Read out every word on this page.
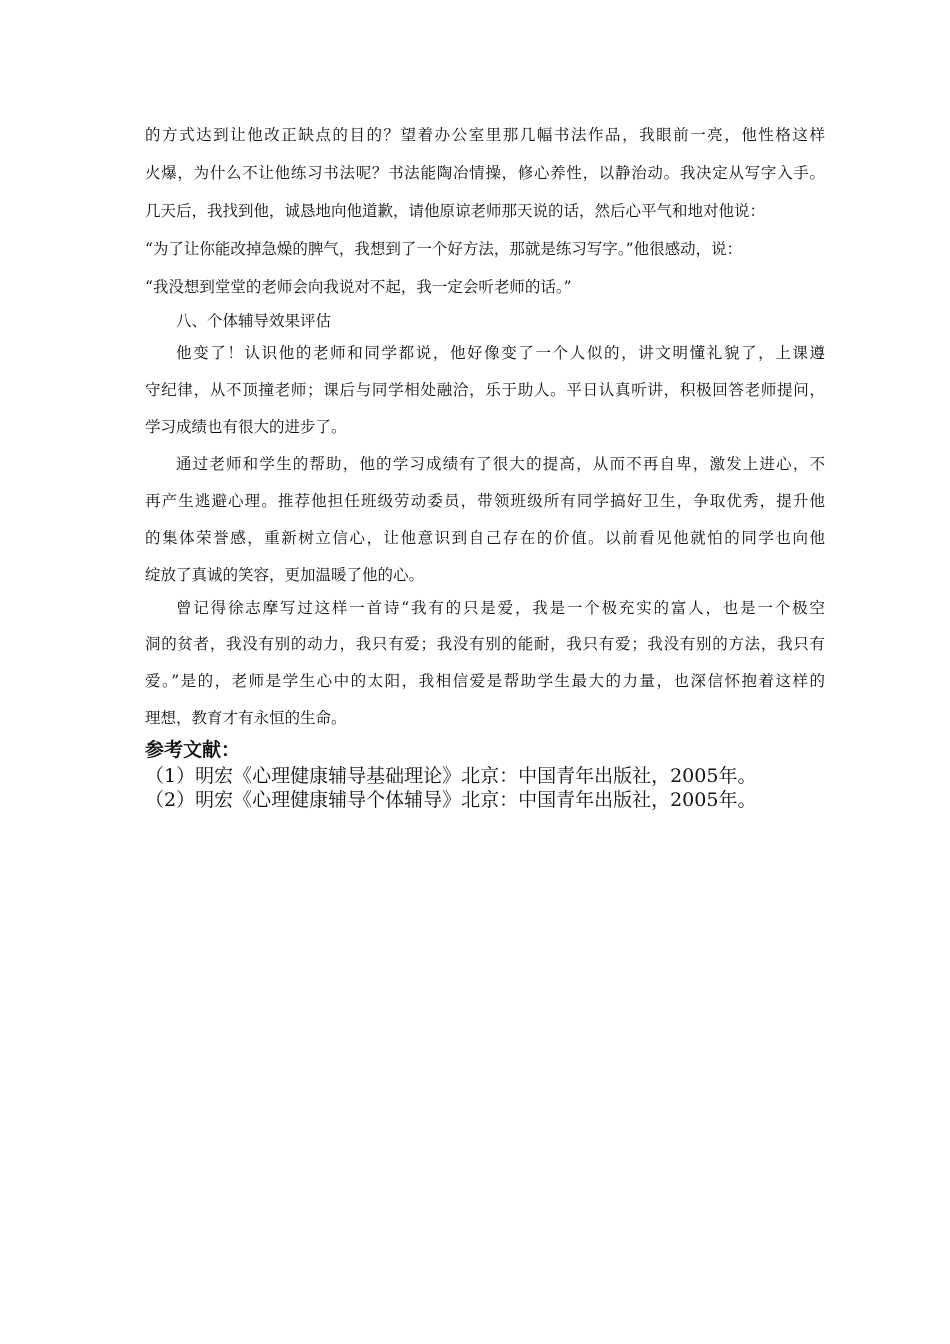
的方式达到让他改正缺点的目的？望着办公室里那几幅书法作品，我眼前一亮，他性格这样
火爆，为什么不让他练习书法呢？书法能陶冶情操，修心养性，以静治动。我决定从写字入手。
几天后，我找到他，诚恳地向他道歉，请他原谅老师那天说的话，然后心平气和地对他说：
“为了让你能改掉急燥的脾气，我想到了一个好方法，那就是练习写字。”他很感动，说：
“我没想到堂堂的老师会向我说对不起，我一定会听老师的话。”
八、个体辅导效果评估
他变了！认识他的老师和同学都说，他好像变了一个人似的，讲文明懂礼貌了，上课遵
守纪律，从不顶撞老师；课后与同学相处融洽，乐于助人。平日认真听讲，积极回答老师提问，
学习成绩也有很大的进步了。
通过老师和学生的帮助，他的学习成绩有了很大的提高，从而不再自卑，激发上进心，不
再产生逃避心理。推荐他担任班级劳动委员，带领班级所有同学搞好卫生，争取优秀，提升他
的集体荣誉感，重新树立信心，让他意识到自己存在的价值。以前看见他就怕的同学也向他
绽放了真诚的笑容，更加温暖了他的心。
曾记得徐志摩写过这样一首诗“我有的只是爱，我是一个极充实的富人，也是一个极空
洞的贫者，我没有别的动力，我只有爱；我没有别的能耐，我只有爱；我没有别的方法，我只有
爱。”是的，老师是学生心中的太阳，我相信爱是帮助学生最大的力量，也深信怀抱着这样的
理想，教育才有永恒的生命。
参考文献：
（1）明宏《心理健康辅导基础理论》北京：中国青年出版社，2005年。
（2）明宏《心理健康辅导个体辅导》北京：中国青年出版社，2005年。
